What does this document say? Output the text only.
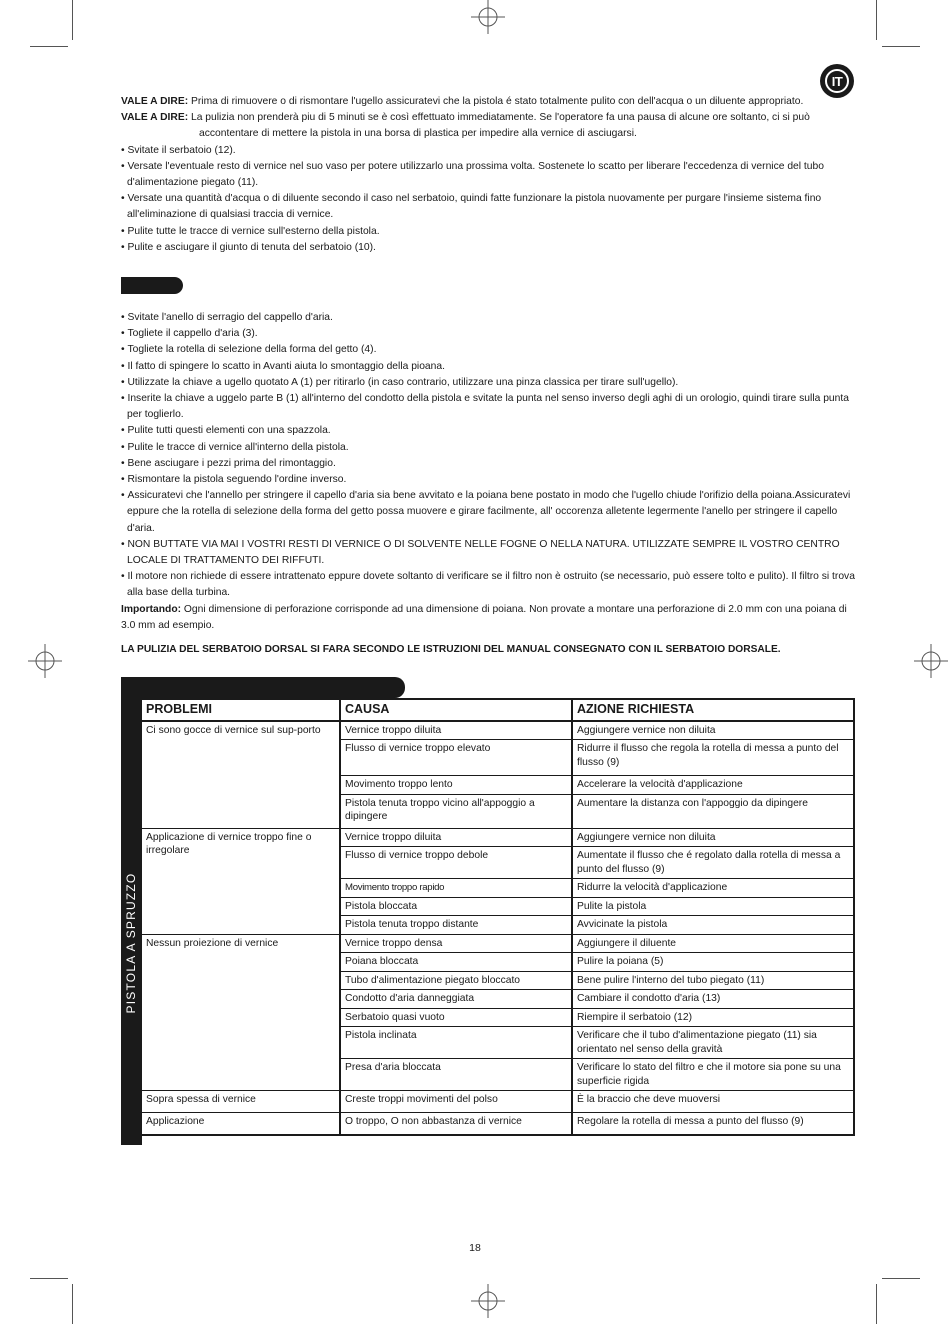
IT

VALE A DIRE: Prima di rimuovere o di rismontare l'ugello assicuratevi che la pistola é stato totalmente pulito con dell'acqua o un diluente appropriato.

VALE A DIRE: La pulizia non prenderà piu di 5 minuti se è così effettuato immediatamente. Se l'operatore fa una pausa di alcune ore soltanto, ci si può accontentare di mettere la pistola in una borsa di plastica per impedire alla vernice di asciugarsi.

• Svitate il serbatoio (12).

• Versate l'eventuale resto di vernice nel suo vaso per potere utilizzarlo una prossima volta. Sostenete lo scatto per liberare l'eccedenza di vernice del tubo d'alimentazione piegato (11).

• Versate una quantità d'acqua o di diluente secondo il caso nel serbatoio, quindi fatte funzionare la pistola nuovamente per purgare l'insieme sistema fino all'eliminazione di qualsiasi traccia di vernice.

• Pulite tutte le tracce di vernice sull'esterno della pistola.

• Pulite e asciugare il giunto di tenuta del serbatoio (10).

• Svitate l'anello di serragio del cappello d'aria.

• Togliete il cappello d'aria (3).

• Togliete la rotella di selezione della forma del getto (4).

• Il fatto di spingere lo scatto in Avanti aiuta lo smontaggio della pioana.

• Utilizzate la chiave a ugello quotato A (1) per ritirarlo (in caso contrario, utilizzare una pinza classica per tirare sull'ugello).

• Inserite la chiave a uggelo parte B (1) all'interno del condotto della pistola e svitate la punta nel senso inverso degli aghi di un orologio, quindi tirare sulla punta per toglierlo.

• Pulite tutti questi elementi con una spazzola.

• Pulite le tracce di vernice all'interno della pistola.

• Bene asciugare i pezzi prima del rimontaggio.

• Rismontare la pistola seguendo l'ordine inverso.

• Assicuratevi che l'annello per stringere il capello d'aria sia bene avvitato e la poiana bene postato in modo che l'ugello chiude l'orifizio della poiana.Assicuratevi eppure che la rotella di selezione della forma del getto possa muovere e girare facilmente, all' occorenza alletente legermente l'anello per stringere il capello d'aria.

• NON BUTTATE VIA MAI I VOSTRI RESTI DI VERNICE O DI SOLVENTE NELLE FOGNE O NELLA NATURA. UTILIZZATE SEMPRE IL VOSTRO CENTRO LOCALE DI TRATTAMENTO DEI RIFFUTI.

• Il motore non richiede di essere intrattenato eppure dovete soltanto di verificare se il filtro non è ostruito (se necessario, può essere tolto e pulito). Il filtro si trova alla base della turbina.

Importando: Ogni dimensione di perforazione corrisponde ad una dimensione di poiana. Non provate a montare una perforazione di 2.0 mm con una poiana di 3.0 mm ad esempio.

LA PULIZIA DEL SERBATOIO DORSAL SI FARA SECONDO LE ISTRUZIONI DEL MANUAL CONSEGNATO CON IL SERBATOIO DORSALE.
PISTOLA A SPRUZZO
PROBLEMI	CAUSA	AZIONE RICHIESTA
Ci sono gocce di vernice sul sup-porto	Vernice troppo diluita	Aggiungere vernice non diluita
	Flusso di vernice troppo elevato	Ridurre il flusso che regola la rotella di messa a punto del flusso (9)
	Movimento troppo lento	Accelerare la velocità d'applicazione
	Pistola tenuta troppo vicino all'appoggio a dipingere	Aumentare la distanza con l'appoggio da dipingere
Applicazione di vernice troppo fine o irregolare	Vernice troppo diluita	Aggiungere vernice non diluita
	Flusso di vernice troppo debole	Aumentate il flusso che é regolato dalla rotella di messa a punto del flusso (9)
	Movimento troppo rapido	Ridurre la velocità d'applicazione
	Pistola bloccata	Pulite la pistola
	Pistola tenuta troppo distante	Avvicinate la pistola
Nessun proiezione di vernice	Vernice troppo densa	Aggiungere il diluente
	Poiana bloccata	Pulire la poiana (5)
	Tubo d'alimentazione piegato bloccato	Bene pulire l'interno del tubo piegato (11)
	Condotto d'aria danneggiata	Cambiare il condotto d'aria (13)
	Serbatoio quasi vuoto	Riempire il serbatoio (12)
	Pistola inclinata	Verificare che il tubo d'alimentazione piegato (11) sia orientato nel senso della gravità
	Presa d'aria bloccata	Verificare lo stato del filtro e che il motore sia pone su una superficie rigida
Sopra spessa di vernice	Creste troppi movimenti del polso	È la braccio che deve muoversi
Applicazione	O troppo, O non abbastanza di vernice	Regolare la rotella di messa a punto del flusso (9)
18
